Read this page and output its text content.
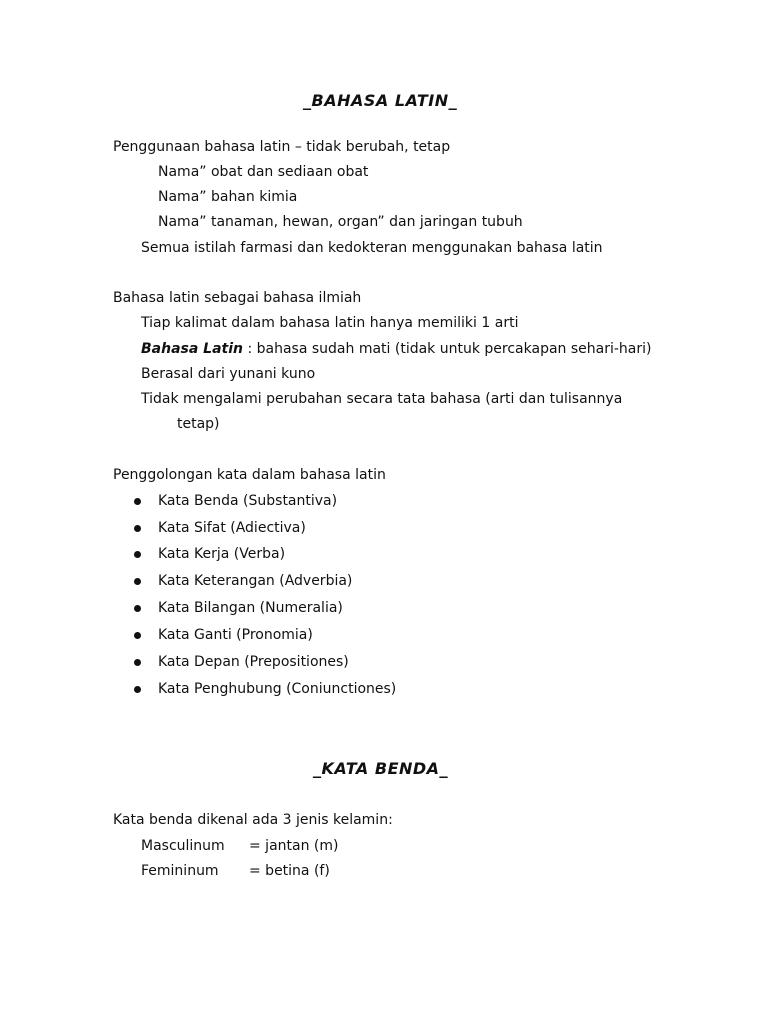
_BAHASA LATIN_
Penggunaan bahasa latin – tidak berubah, tetap
Nama” obat dan sediaan obat
Nama” bahan kimia
Nama” tanaman, hewan, organ” dan jaringan tubuh
Semua istilah farmasi dan kedokteran menggunakan bahasa latin
Bahasa latin sebagai bahasa ilmiah
Tiap kalimat dalam bahasa latin hanya memiliki 1 arti
Bahasa Latin : bahasa sudah mati (tidak untuk percakapan sehari-hari)
Berasal dari yunani kuno
Tidak mengalami perubahan secara tata bahasa (arti dan tulisannya
tetap)
Penggolongan kata dalam bahasa latin
Kata Benda (Substantiva)
Kata Sifat (Adiectiva)
Kata Kerja (Verba)
Kata Keterangan (Adverbia)
Kata Bilangan (Numeralia)
Kata Ganti (Pronomia)
Kata Depan (Prepositiones)
Kata Penghubung (Coniunctiones)
_KATA BENDA_
Kata benda dikenal ada 3 jenis kelamin:
Masculinum = jantan (m)
Femininum = betina (f)
